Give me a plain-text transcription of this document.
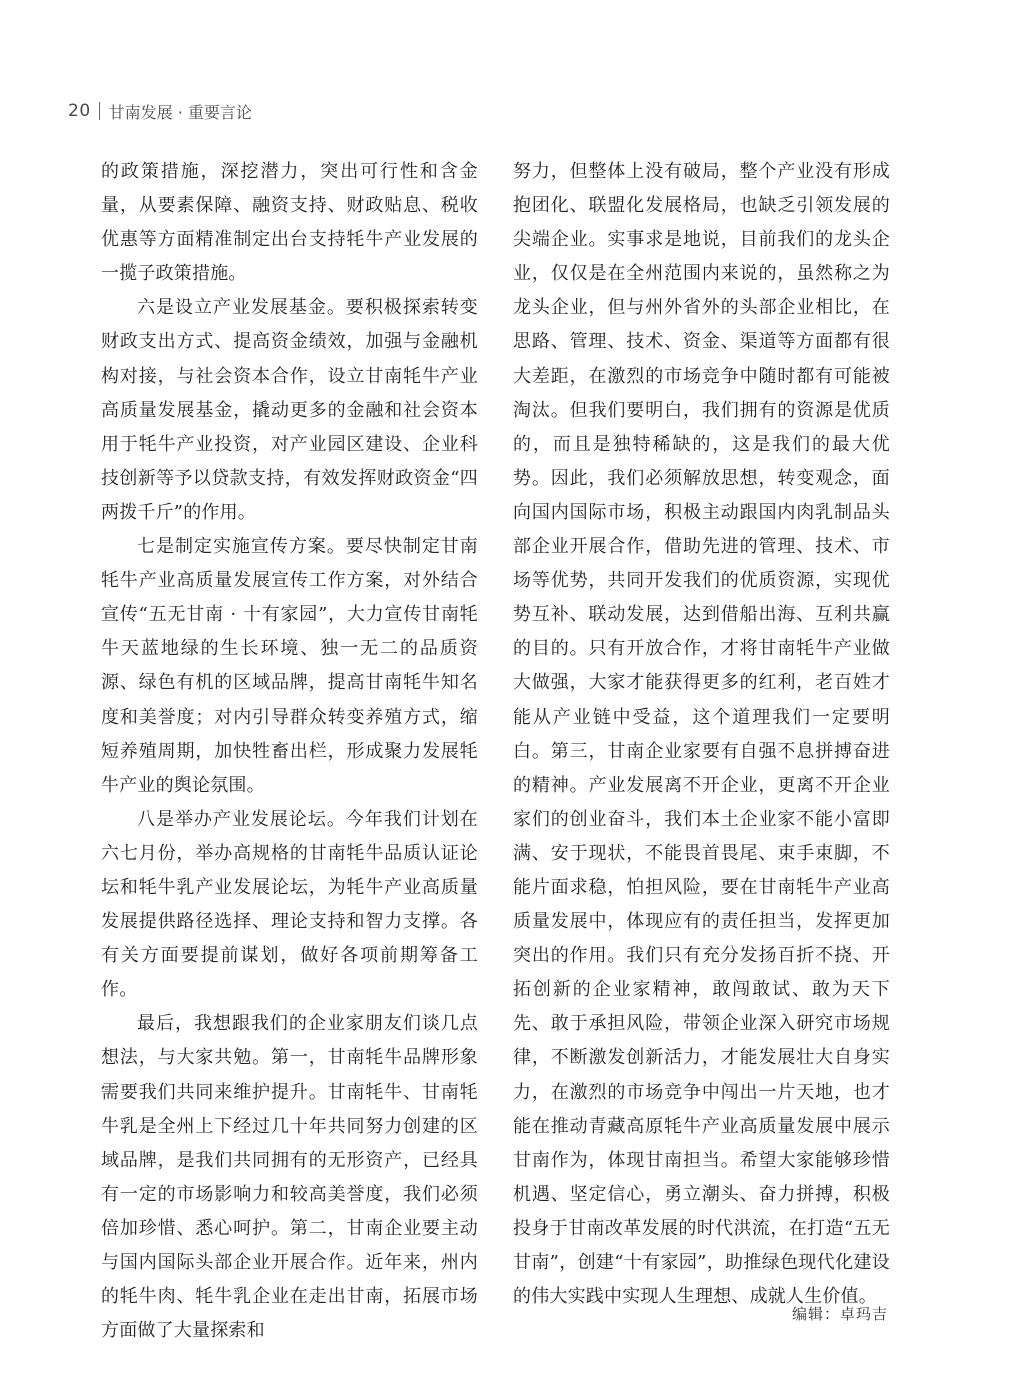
20 甘南发展 · 重要言论

的政策措施，深挖潜力，突出可行性和含金量，从要素保障、融资支持、财政贴息、税收优惠等方面精准制定出台支持牦牛产业发展的一揽子政策措施。

六是设立产业发展基金。要积极探索转变财政支出方式、提高资金绩效，加强与金融机构对接，与社会资本合作，设立甘南牦牛产业高质量发展基金，撬动更多的金融和社会资本用于牦牛产业投资，对产业园区建设、企业科技创新等予以贷款支持，有效发挥财政资金“四两拨千斤”的作用。

七是制定实施宣传方案。要尽快制定甘南牦牛产业高质量发展宣传工作方案，对外结合宣传“五无甘南 · 十有家园”，大力宣传甘南牦牛天蓝地绿的生长环境、独一无二的品质资源、绿色有机的区域品牌，提高甘南牦牛知名度和美誉度；对内引导群众转变养殖方式，缩短养殖周期，加快牲畜出栏，形成聚力发展牦牛产业的舆论氛围。

八是举办产业发展论坛。今年我们计划在六七月份，举办高规格的甘南牦牛品质认证论坛和牦牛乳产业发展论坛，为牦牛产业高质量发展提供路径选择、理论支持和智力支撑。各有关方面要提前谋划，做好各项前期筹备工作。

最后，我想跟我们的企业家朋友们谈几点想法，与大家共勉。第一，甘南牦牛品牌形象需要我们共同来维护提升。甘南牦牛、甘南牦牛乳是全州上下经过几十年共同努力创建的区域品牌，是我们共同拥有的无形资产，已经具有一定的市场影响力和较高美誉度，我们必须倍加珍惜、悉心呵护。第二，甘南企业要主动与国内国际头部企业开展合作。近年来，州内的牦牛肉、牦牛乳企业在走出甘南，拓展市场方面做了大量探索和

努力，但整体上没有破局，整个产业没有形成抱团化、联盟化发展格局，也缺乏引领发展的尖端企业。实事求是地说，目前我们的龙头企业，仅仅是在全州范围内来说的，虽然称之为龙头企业，但与州外省外的头部企业相比，在思路、管理、技术、资金、渠道等方面都有很大差距，在激烈的市场竞争中随时都有可能被淘汰。但我们要明白，我们拥有的资源是优质的，而且是独特稀缺的，这是我们的最大优势。因此，我们必须解放思想，转变观念，面向国内国际市场，积极主动跟国内肉乳制品头部企业开展合作，借助先进的管理、技术、市场等优势，共同开发我们的优质资源，实现优势互补、联动发展，达到借船出海、互利共赢的目的。只有开放合作，才将甘南牦牛产业做大做强，大家才能获得更多的红利，老百姓才能从产业链中受益，这个道理我们一定要明白。第三，甘南企业家要有自强不息拼搏奋进的精神。产业发展离不开企业，更离不开企业家们的创业奋斗，我们本土企业家不能小富即满、安于现状，不能畏首畏尾、束手束脚，不能片面求稳，怕担风险，要在甘南牦牛产业高质量发展中，体现应有的责任担当，发挥更加突出的作用。我们只有充分发扬百折不挠、开拓创新的企业家精神，敢闯敢试、敢为天下先、敢于承担风险，带领企业深入研究市场规律，不断激发创新活力，才能发展壮大自身实力，在激烈的市场竞争中闯出一片天地，也才能在推动青藏高原牦牛产业高质量发展中展示甘南作为，体现甘南担当。希望大家能够珍惜机遇、坚定信心，勇立潮头、奋力拼搏，积极投身于甘南改革发展的时代洪流，在打造“五无甘南”，创建“十有家园”，助推绿色现代化建设的伟大实践中实现人生理想、成就人生价值。

编辑：卓玛吉
